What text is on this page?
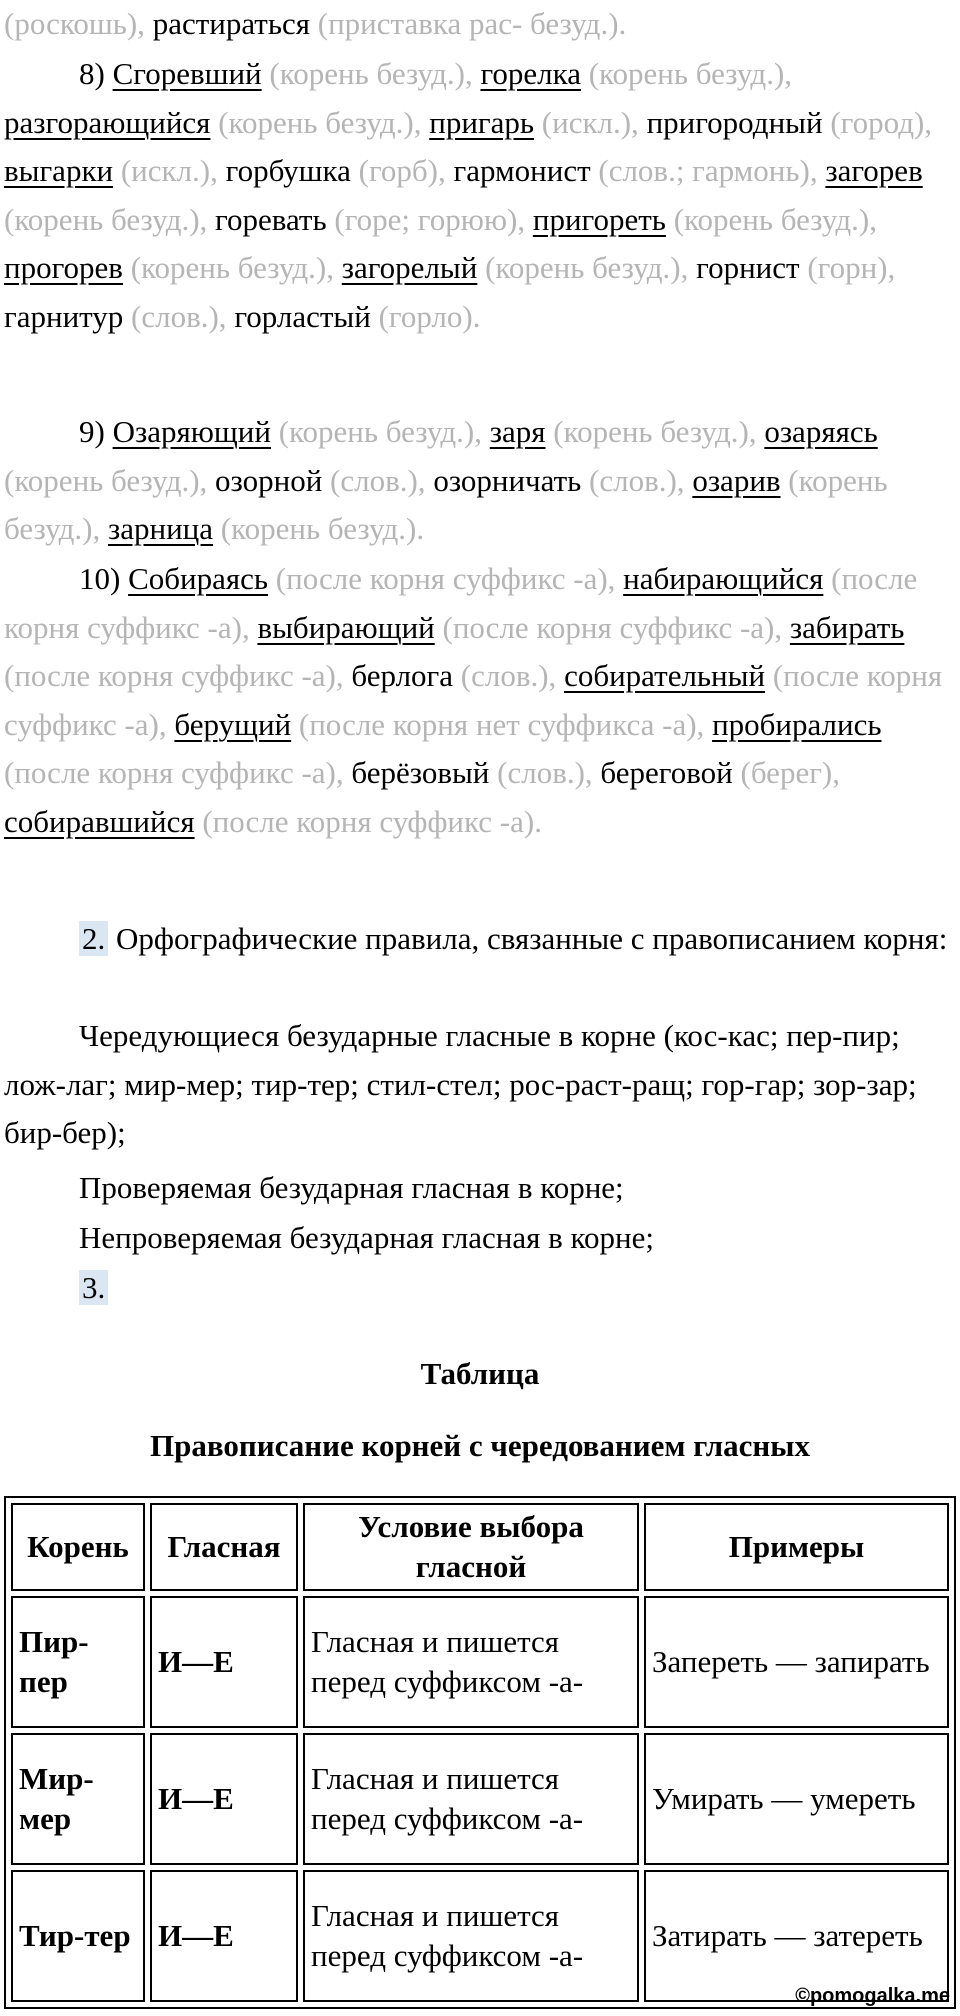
(роскошь), растираться (приставка рас- безуд.).

8) Сгоревший (корень безуд.), горелка (корень безуд.), разгорающийся (корень безуд.), пригарь (искл.), пригородный (город), выгарки (искл.), горбушка (горб), гармонист (слов.; гармонь), загорев (корень безуд.), горевать (горе; горюю), пригореть (корень безуд.), прогорев (корень безуд.), загорелый (корень безуд.), горнист (горн), гарнитур (слов.), горластый (горло).

9) Озаряющий (корень безуд.), заря (корень безуд.), озаряясь (корень безуд.), озорной (слов.), озорничать (слов.), озарив (корень безуд.), зарница (корень безуд.).

10) Собираясь (после корня суффикс -а), набирающийся (после корня суффикс -а), выбирающий (после корня суффикс -а), забирать (после корня суффикс -а), берлога (слов.), собирательный (после корня суффикс -а), берущий (после корня нет суффикса -а), пробирались (после корня суффикс -а), берёзовый (слов.), береговой (берег), собиравшийся (после корня суффикс -а).

2. Орфографические правила, связанные с правописанием корня:

Чередующиеся безударные гласные в корне (кос-кас; пер-пир; лож-лаг; мир-мер; тир-тер; стил-стел; рос-раст-ращ; гор-гар; зор-зар; бир-бер);

Проверяемая безударная гласная в корне;

Непроверяемая безударная гласная в корне;

3.

Таблица

Правописание корней с чередованием гласных

Корень	Гласная	Условие выбора гласной	Примеры
Пир-пер	И—Е	Гласная и пишется перед суффиксом -а-	Запереть — запирать
Мир-мер	И—Е	Гласная и пишется перед суффиксом -а-	Умирать — умереть
Тир-тер	И—Е	Гласная и пишется перед суффиксом -а-	Затирать — затереть
©pomogalka.me
